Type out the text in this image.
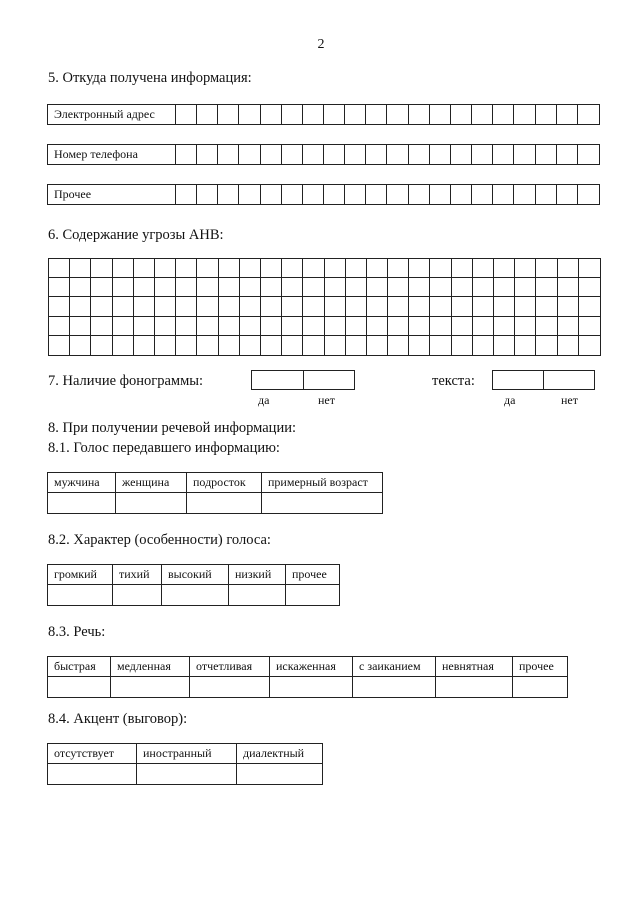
2
5. Откуда получена информация:
Электронный адрес
Номер телефона
Прочее
6. Содержание угрозы АНВ:
7. Наличие фонограммы:
да	нет
текста:
да	нет
8. При получении речевой информации:
8.1. Голос передавшего информацию:
мужчина	женщина	подросток	примерный возраст

8.2. Характер (особенности) голоса:
громкий	тихий	высокий	низкий	прочее

8.3. Речь:
быстрая	медленная	отчетливая	искаженная	с заиканием	невнятная	прочее

8.4. Акцент (выговор):
отсутствует	иностранный	диалектный
